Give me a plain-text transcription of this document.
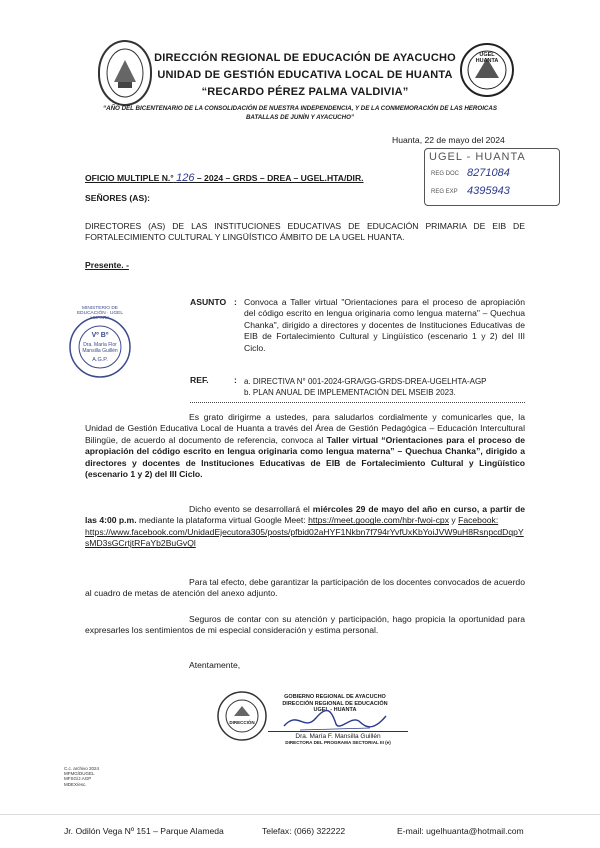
UGEL HUANTA
DIRECCIÓN REGIONAL DE EDUCACIÓN DE AYACUCHO
UNIDAD DE GESTIÓN EDUCATIVA LOCAL DE HUANTA
“RECARDO PÉREZ PALMA VALDIVIA”
“AÑO DEL BICENTENARIO DE LA CONSOLIDACIÓN DE NUESTRA INDEPENDENCIA, Y DE LA CONMEMORACIÓN DE LAS HEROICAS
BATALLAS DE JUNÍN Y AYACUCHO”
Huanta, 22 de mayo del 2024
UGEL - HUANTA
REG DOC 8271084
REG EXP 4395943
OFICIO MULTIPLE N.° 126 – 2024 – GRDS – DREA – UGEL.HTA/DIR.
SEÑORES (AS):
DIRECTORES (AS) DE LAS INSTITUCIONES EDUCATIVAS DE EDUCACIÓN PRIMARIA DE EIB DE FORTALECIMIENTO CULTURAL Y LINGÜÍSTICO ÁMBITO DE LA UGEL HUANTA.
Presente. -
MINISTERIO DE EDUCACIÓN · UGEL HUANTA
Vº Bº
Dra. María Flor
Mansilla Guillén
A.G.P.
ASUNTO : Convoca a Taller virtual "Orientaciones para el proceso de apropiación del código escrito en lengua originaria como lengua materna" – Quechua Chanka", dirigido a directores y docentes de Instituciones Educativas de EIB de Fortalecimiento Cultural y Lingüístico (escenario 1 y 2) del III Ciclo.
REF.	: a. DIRECTIVA N° 001-2024-GRA/GG-GRDS-DREA-UGELHTA-AGP
b. PLAN ANUAL DE IMPLEMENTACIÓN DEL MSEIB 2023.
Es grato dirigirme a ustedes, para saludarlos cordialmente y comunicarles que, la Unidad de Gestión Educativa Local de Huanta a través del Área de Gestión Pedagógica – Educación Intercultural Bilingüe, de acuerdo al documento de referencia, convoca al Taller virtual “Orientaciones para el proceso de apropiación del código escrito en lengua originaria como lengua materna” – Quechua Chanka”, dirigido a directores y docentes de Instituciones Educativas de EIB de Fortalecimiento Cultural y Lingüístico (escenario 1 y 2) del III Ciclo.
Dicho evento se desarrollará el miércoles 29 de mayo del año en curso, a partir de las 4:00 p.m. mediante la plataforma virtual Google Meet: https://meet.google.com/hbr-fwoi-cpx y Facebook:
https://www.facebook.com/UnidadEjecutora305/posts/pfbid02aHYF1Nkbn7f794rYvfUxKbYoiJVW9uH8RsnpcdDqpYsMD3sGCrtjtRFaYb2BuGvQl
Para tal efecto, debe garantizar la participación de los docentes convocados de acuerdo al cuadro de metas de atención del anexo adjunto.
Seguros de contar con su atención y participación, hago propicia la oportunidad para expresarles los sentimientos de mi especial consideración y estima personal.
Atentamente,
DIRECCIÓN
GOBIERNO REGIONAL DE AYACUCHO
DIRECCIÓN REGIONAL DE EDUCACIÓN
UGEL - HUANTA
Dra. María F. Mansilla Guillén
DIRECTORA DEL PROGRAMA SECTORIAL III (e)
C.c. archivo 2024
MFMG/DUGEL
MFSG/J.AGP
MDEX/esc.
Jr. Odilón Vega Nº 151 – Parque Alameda	Telefax: (066) 322222	E-mail: ugelhuanta@hotmail.com
